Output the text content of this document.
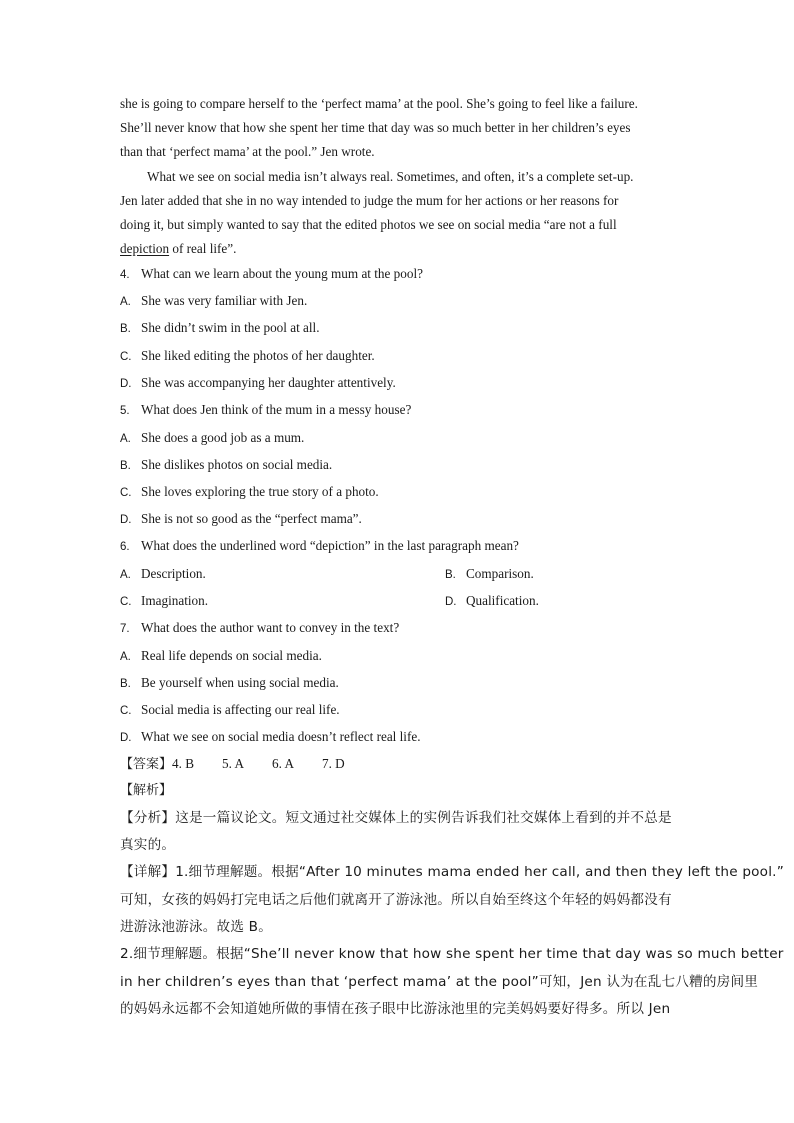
she is going to compare herself to the ‘perfect mama’ at the pool. She’s going to feel like a failure.
She’ll never know that how she spent her time that day was so much better in her children’s eyes
than that ‘perfect mama’ at the pool.” Jen wrote.
What we see on social media isn’t always real. Sometimes, and often, it’s a complete set-up.
Jen later added that she in no way intended to judge the mum for her actions or her reasons for
doing it, but simply wanted to say that the edited photos we see on social media “are not a full
depiction of real life”.
4. What can we learn about the young mum at the pool?
A. She was very familiar with Jen.
B. She didn’t swim in the pool at all.
C. She liked editing the photos of her daughter.
D. She was accompanying her daughter attentively.
5. What does Jen think of the mum in a messy house?
A. She does a good job as a mum.
B. She dislikes photos on social media.
C. She loves exploring the true story of a photo.
D. She is not so good as the “perfect mama”.
6. What does the underlined word “depiction” in the last paragraph mean?
A. Description.	B. Comparison.
C. Imagination.	D. Qualification.
7. What does the author want to convey in the text?
A. Real life depends on social media.
B. Be yourself when using social media.
C. Social media is affecting our real life.
D. What we see on social media doesn’t reflect real life.
【答案】4. B 5. A 6. A 7. D
【解析】
【分析】这是一篇议论文。短文通过社交媒体上的实例告诉我们社交媒体上看到的并不总是
真实的。
【详解】1.细节理解题。根据“After 10 minutes mama ended her call, and then they left the pool.”
可知，女孩的妈妈打完电话之后他们就离开了游泳池。所以自始至终这个年轻的妈妈都没有
进游泳池游泳。故选 B。
2.细节理解题。根据“She’ll never know that how she spent her time that day was so much better
in her children’s eyes than that ‘perfect mama’ at the pool”可知，Jen 认为在乱七八糟的房间里
的妈妈永远都不会知道她所做的事情在孩子眼中比游泳池里的完美妈妈要好得多。所以 Jen
